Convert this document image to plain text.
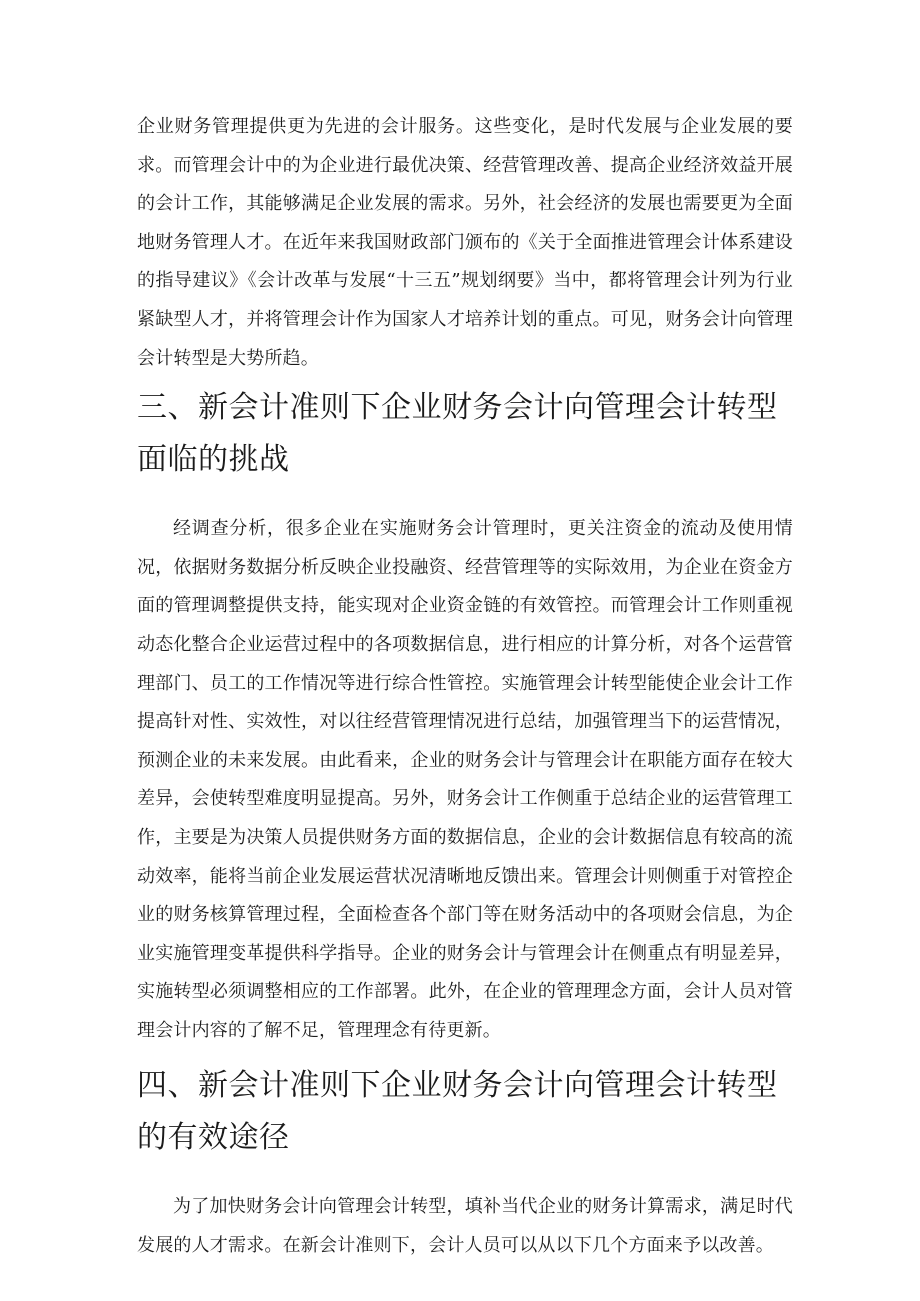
企业财务管理提供更为先进的会计服务。这些变化，是时代发展与企业发展的要求。而管理会计中的为企业进行最优决策、经营管理改善、提高企业经济效益开展的会计工作，其能够满足企业发展的需求。另外，社会经济的发展也需要更为全面地财务管理人才。在近年来我国财政部门颁布的《关于全面推进管理会计体系建设的指导建议》《会计改革与发展“十三五”规划纲要》当中，都将管理会计列为行业紧缺型人才，并将管理会计作为国家人才培养计划的重点。可见，财务会计向管理会计转型是大势所趋。

三、新会计准则下企业财务会计向管理会计转型面临的挑战

经调查分析，很多企业在实施财务会计管理时，更关注资金的流动及使用情况，依据财务数据分析反映企业投融资、经营管理等的实际效用，为企业在资金方面的管理调整提供支持，能实现对企业资金链的有效管控。而管理会计工作则重视动态化整合企业运营过程中的各项数据信息，进行相应的计算分析，对各个运营管理部门、员工的工作情况等进行综合性管控。实施管理会计转型能使企业会计工作提高针对性、实效性，对以往经营管理情况进行总结，加强管理当下的运营情况，预测企业的未来发展。由此看来，企业的财务会计与管理会计在职能方面存在较大差异，会使转型难度明显提高。另外，财务会计工作侧重于总结企业的运营管理工作，主要是为决策人员提供财务方面的数据信息，企业的会计数据信息有较高的流动效率，能将当前企业发展运营状况清晰地反馈出来。管理会计则侧重于对管控企业的财务核算管理过程，全面检查各个部门等在财务活动中的各项财会信息，为企业实施管理变革提供科学指导。企业的财务会计与管理会计在侧重点有明显差异，实施转型必须调整相应的工作部署。此外，在企业的管理理念方面，会计人员对管理会计内容的了解不足，管理理念有待更新。

四、新会计准则下企业财务会计向管理会计转型的有效途径

为了加快财务会计向管理会计转型，填补当代企业的财务计算需求，满足时代发展的人才需求。在新会计准则下，会计人员可以从以下几个方面来予以改善。
